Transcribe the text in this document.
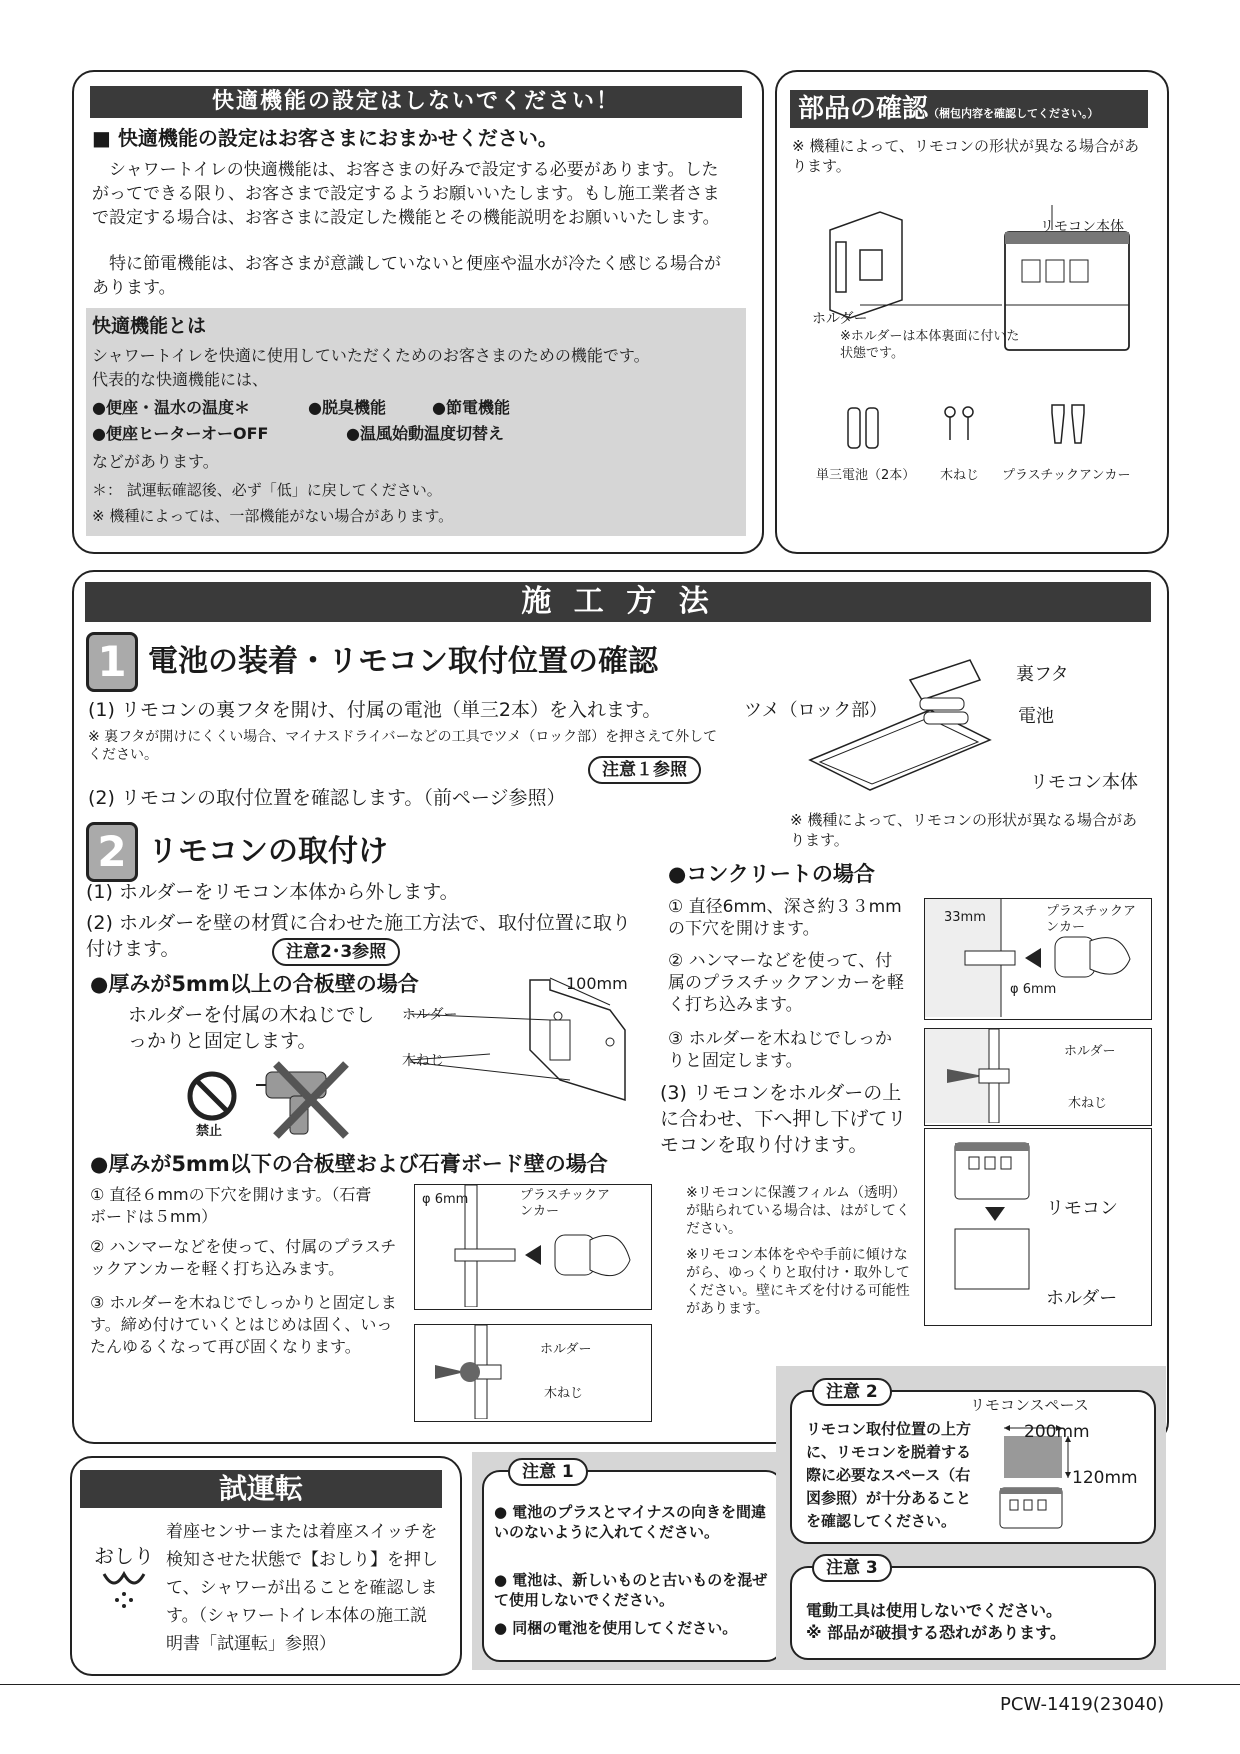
快適機能の設定はしないでください！

■ 快適機能の設定はお客さまにおまかせください。

　シャワートイレの快適機能は、お客さまの好みで設定する必要があります。したがってできる限り、お客さまで設定するようお願いいたします。もし施工業者さまで設定する場合は、お客さまに設定した機能とその機能説明をお願いいたします。

　特に節電機能は、お客さまが意識していないと便座や温水が冷たく感じる場合があります。

快適機能とは

シャワートイレを快適に使用していただくためのお客さまのための機能です。

代表的な快適機能には、

●便座・温水の温度＊	●脱臭機能	●節電機能

●便座ヒーターオーOFF	●温風始動温度切替え

などがあります。

＊： 試運転確認後、必ず「低」に戻してください。

※ 機種によっては、一部機能がない場合があります。

部品の確認（梱包内容を確認してください。）

※ 機種によって、リモコンの形状が異なる場合があります。

リモコン本体
ホルダー
※ホルダーは本体裏面に付いた状態です。
単三電池（2本） 木ねじ プラスチックアンカー
施 工 方 法
1 電池の装着・リモコン取付位置の確認

(1) リモコンの裏フタを開け、付属の電池（単三2本）を入れます。

※ 裏フタが開けにくくい場合、マイナスドライバーなどの工具でツメ（ロック部）を押さえて外してください。

注意１参照

(2) リモコンの取付位置を確認します。（前ページ参照）

ツメ（ロック部）
裏フタ
電池
リモコン本体

※ 機種によって、リモコンの形状が異なる場合があります。

2 リモコンの取付け

(1) ホルダーをリモコン本体から外します。

(2) ホルダーを壁の材質に合わせた施工方法で、取付位置に取り付けます。	注意2･3参照

●厚みが5mm以上の合板壁の場合

ホルダーを付属の木ねじでしっかりと固定します。

ホルダー
木ねじ
100mm
禁止

●厚みが5mm以下の合板壁および石膏ボード壁の場合

① 直径６mmの下穴を開けます。（石膏ボードは５mm）

② ハンマーなどを使って、付属のプラスチックアンカーを軽く打ち込みます。

③ ホルダーを木ねじでしっかりと固定します。締め付けていくとはじめは固く、いったんゆるくなって再び固くなります。

φ 6mm	プラスチックアンカー
ホルダー
木ねじ

●コンクリートの場合

① 直径6mm、深さ約３３mmの下穴を開けます。

② ハンマーなどを使って、付属のプラスチックアンカーを軽く打ち込みます。

③ ホルダーを木ねじでしっかりと固定します。

33mm	プラスチックアンカー
φ 6mm
ホルダー
木ねじ

(3) リモコンをホルダーの上に合わせ、下へ押し下げてリモコンを取り付けます。

※リモコンに保護フィルム（透明）が貼られている場合は、はがしてください。

※リモコン本体をやや手前に傾けながら、ゆっくりと取付け・取外してください。壁にキズを付ける可能性があります。

リモコン
ホルダー
試運転
おしり

着座センサーまたは着座スイッチを検知させた状態で【おしり】を押して、シャワーが出ることを確認します。（シャワートイレ本体の施工説明書「試運転」参照）

注意 1

● 電池のプラスとマイナスの向きを間違いのないように入れてください。

● 電池は、新しいものと古いものを混ぜて使用しないでください。

● 同梱の電池を使用してください。

注意 2
リモコンスペース

リモコン取付位置の上方に、リモコンを脱着する際に必要なスペース（右図参照）が十分あることを確認してください。

200mm
120mm
注意 3

電動工具は使用しないでください。

※ 部品が破損する恐れがあります。

PCW-1419(23040)
